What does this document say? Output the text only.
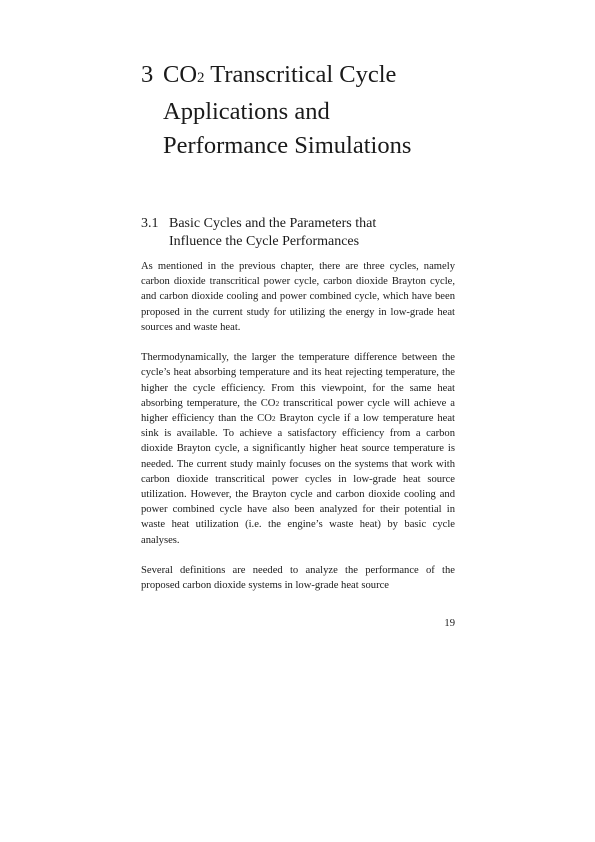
3 CO2 Transcritical Cycle
Applications and
Performance Simulations
3.1 Basic Cycles and the Parameters that
Influence the Cycle Performances

As mentioned in the previous chapter, there are three cycles, namely carbon dioxide transcritical power cycle, carbon dioxide Brayton cycle, and carbon dioxide cooling and power combined cycle, which have been proposed in the current study for utilizing the energy in low-grade heat sources and waste heat.

Thermodynamically, the larger the temperature difference between the cycle’s heat absorbing temperature and its heat rejecting temperature, the higher the cycle efficiency. From this viewpoint, for the same heat absorbing temperature, the CO2 transcritical power cycle will achieve a higher efficiency than the CO2 Brayton cycle if a low temperature heat sink is available. To achieve a satisfactory efficiency from a carbon dioxide Brayton cycle, a significantly higher heat source temperature is needed. The current study mainly focuses on the systems that work with carbon dioxide transcritical power cycles in low-grade heat source utilization. However, the Brayton cycle and carbon dioxide cooling and power combined cycle have also been analyzed for their potential in waste heat utilization (i.e. the engine’s waste heat) by basic cycle analyses.

Several definitions are needed to analyze the performance of the proposed carbon dioxide systems in low-grade heat source

19
